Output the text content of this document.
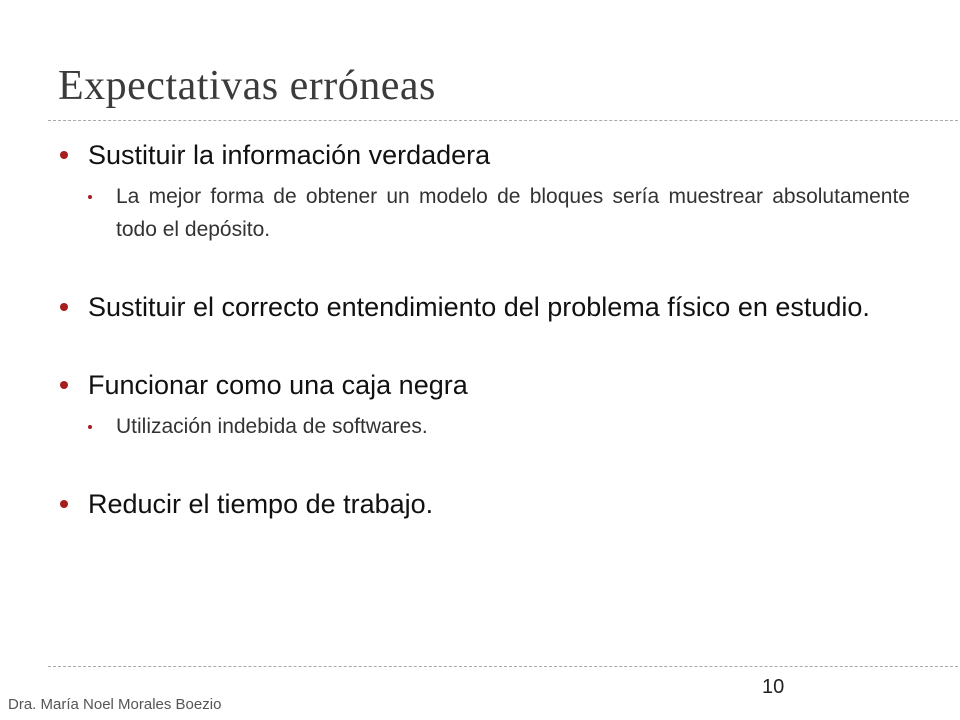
Expectativas erróneas
Sustituir la información verdadera
La mejor forma de obtener un modelo de bloques sería muestrear absolutamente todo el depósito.
Sustituir el correcto entendimiento del problema físico en estudio.
Funcionar como una caja negra
Utilización indebida de softwares.
Reducir el tiempo de trabajo.
10
Dra. María Noel Morales Boezio
